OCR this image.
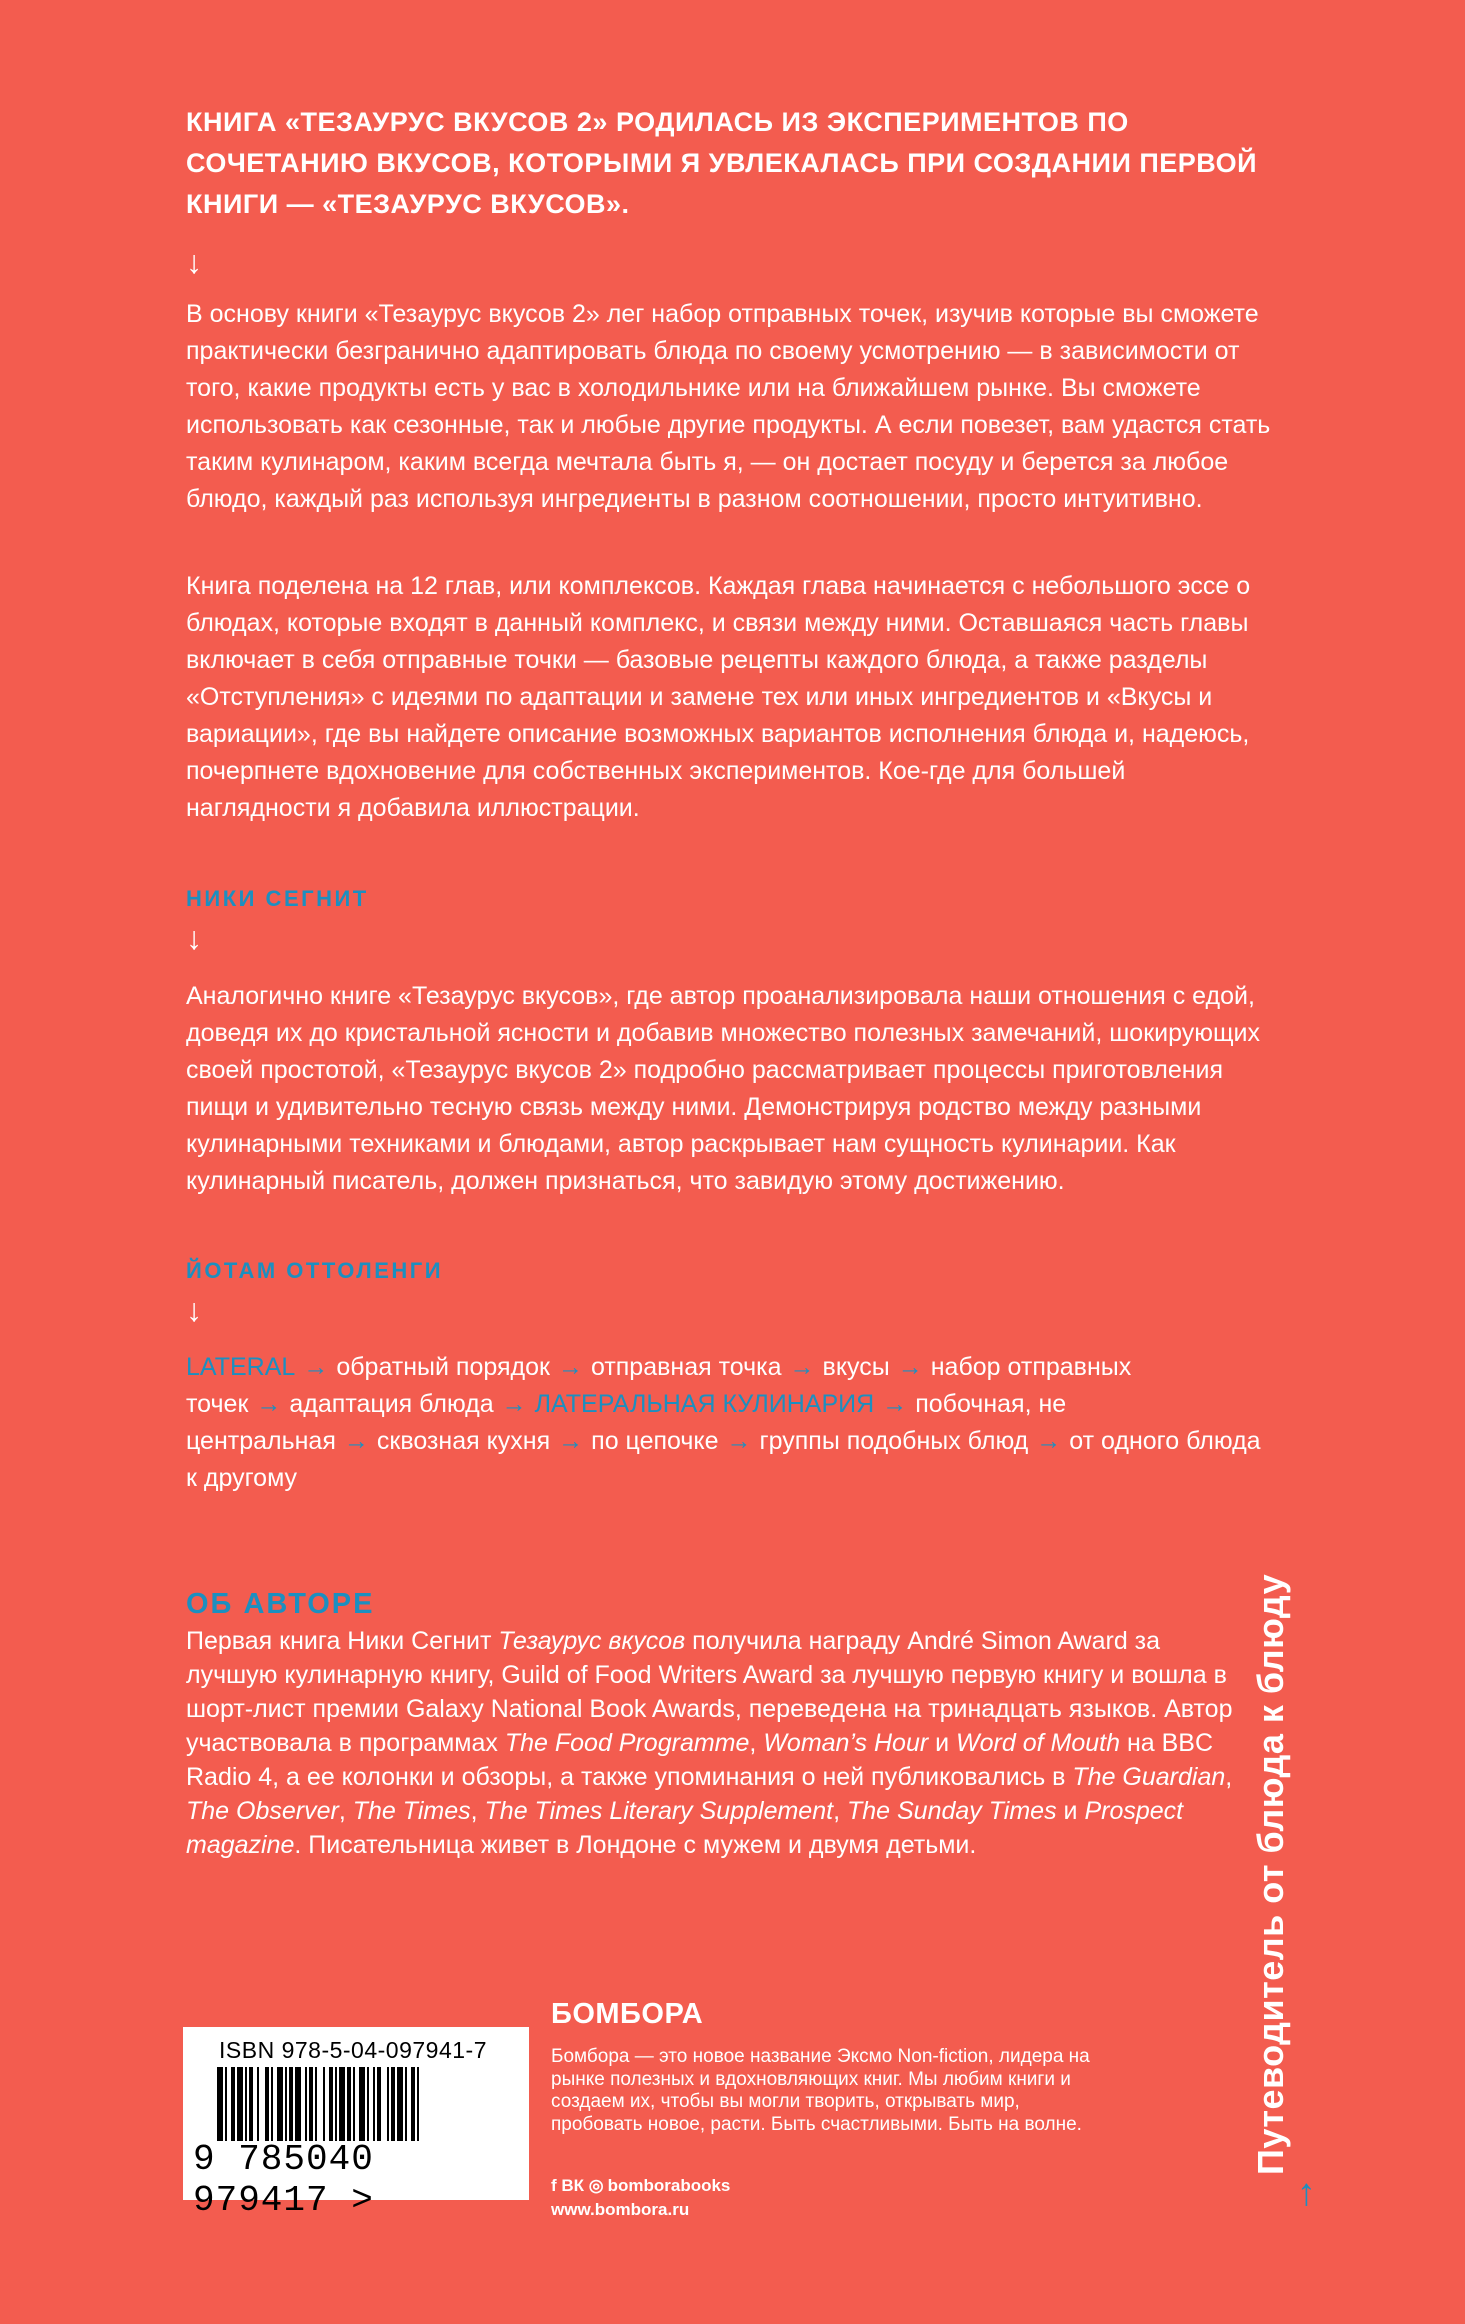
КНИГА «ТЕЗАУРУС ВКУСОВ 2» РОДИЛАСЬ ИЗ ЭКСПЕРИМЕНТОВ ПО СОЧЕТАНИЮ ВКУСОВ, КОТОРЫМИ Я УВЛЕКАЛАСЬ ПРИ СОЗДАНИИ ПЕРВОЙ КНИГИ — «ТЕЗАУРУС ВКУСОВ».
↓

В основу книги «Тезаурус вкусов 2» лег набор отправных точек, изучив которые вы сможете практически безгранично адаптировать блюда по своему усмотрению — в зависимости от того, какие продукты есть у вас в холодильнике или на ближайшем рынке. Вы сможете использовать как сезонные, так и любые другие продукты. А если повезет, вам удастся стать таким кулинаром, каким всегда мечтала быть я, — он достает посуду и берется за любое блюдо, каждый раз используя ингредиенты в разном соотношении, просто интуитивно.

Книга поделена на 12 глав, или комплексов. Каждая глава начинается с небольшого эссе о блюдах, которые входят в данный комплекс, и связи между ними. Оставшаяся часть главы включает в себя отправные точки — базовые рецепты каждого блюда, а также разделы «Отступления» с идеями по адаптации и замене тех или иных ингредиентов и «Вкусы и вариации», где вы найдете описание возможных вариантов исполнения блюда и, надеюсь, почерпнете вдохновение для собственных экспериментов. Кое-где для большей наглядности я добавила иллюстрации.

НИКИ СЕГНИТ
↓

Аналогично книге «Тезаурус вкусов», где автор проанализировала наши отношения с едой, доведя их до кристальной ясности и добавив множество полезных замечаний, шокирующих своей простотой, «Тезаурус вкусов 2» подробно рассматривает процессы приготовления пищи и удивительно тесную связь между ними. Демонстрируя родство между разными кулинарными техниками и блюдами, автор раскрывает нам сущность кулинарии. Как кулинарный писатель, должен признаться, что завидую этому достижению.

ЙОТАМ ОТТОЛЕНГИ
↓
LATERAL → обратный порядок → отправная точка → вкусы → набор отправных точек → адаптация блюда → ЛАТЕРАЛЬНАЯ КУЛИНАРИЯ → побочная, не центральная → сквозная кухня → по цепочке → группы подобных блюд → от одного блюда к другому
ОБ АВТОРЕ

Первая книга Ники Сегнит Тезаурус вкусов получила награду André Simon Award за лучшую кулинарную книгу, Guild of Food Writers Award за лучшую первую книгу и вошла в шорт-лист премии Galaxy National Book Awards, переведена на тринадцать языков. Автор участвовала в программах The Food Programme, Woman’s Hour и Word of Mouth на BBC Radio 4, а ее колонки и обзоры, а также упоминания о ней публиковались в The Guardian, The Observer, The Times, The Times Literary Supplement, The Sunday Times и Prospect magazine. Писательница живет в Лондоне с мужем и двумя детьми.	Путеводитель от блюда к блюду
↑
ISBN 978-5-04-097941-7
9 785040 979417 >
БОМБОРА

Бомбора — это новое название Эксмо Non-fiction, лидера на рынке полезных и вдохновляющих книг. Мы любим книги и создаем их, чтобы вы могли творить, открывать мир, пробовать новое, расти. Быть счастливыми. Быть на волне.

f ВК ◎ bomborabooks
www.bombora.ru
